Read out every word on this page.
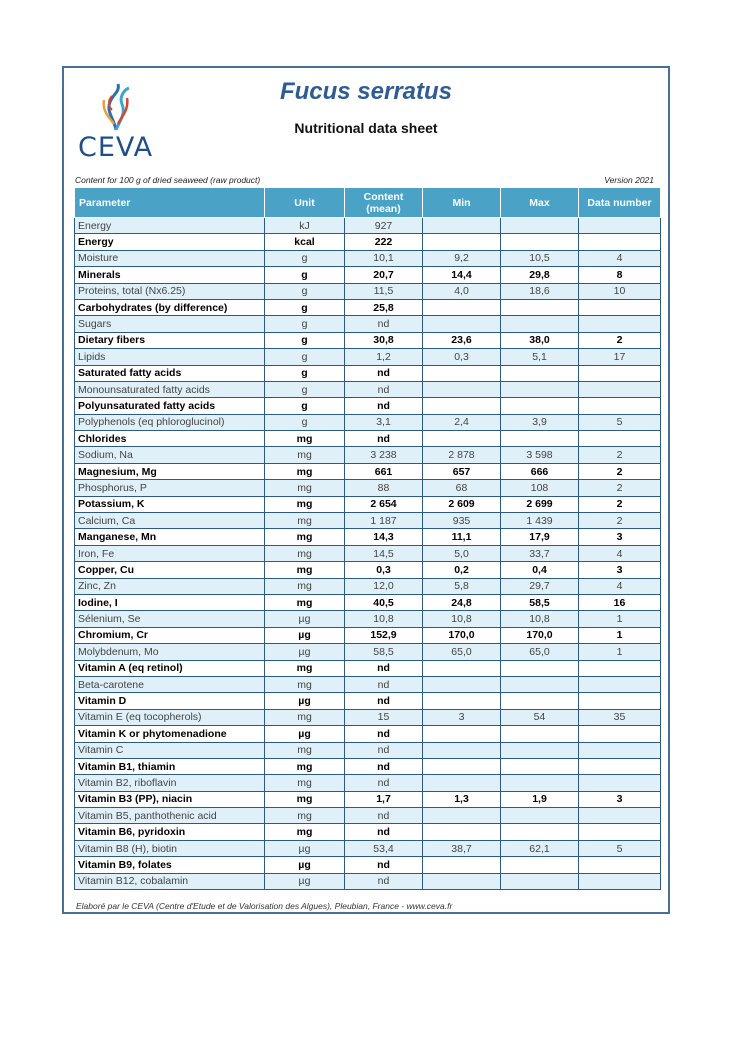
CEVA
Fucus serratus
Nutritional data sheet
Content for 100 g of dried seaweed (raw product)	Version 2021
Parameter	Unit	Content (mean)	Min	Max	Data number
Energy	kJ	927			
Energy	kcal	222			
Moisture	g	10,1	9,2	10,5	4
Minerals	g	20,7	14,4	29,8	8
Proteins, total (Nx6.25)	g	11,5	4,0	18,6	10
Carbohydrates (by difference)	g	25,8			
Sugars	g	nd			
Dietary fibers	g	30,8	23,6	38,0	2
Lipids	g	1,2	0,3	5,1	17
Saturated fatty acids	g	nd			
Monounsaturated fatty acids	g	nd			
Polyunsaturated fatty acids	g	nd			
Polyphenols (eq phloroglucinol)	g	3,1	2,4	3,9	5
Chlorides	mg	nd			
Sodium, Na	mg	3 238	2 878	3 598	2
Magnesium, Mg	mg	661	657	666	2
Phosphorus, P	mg	88	68	108	2
Potassium, K	mg	2 654	2 609	2 699	2
Calcium, Ca	mg	1 187	935	1 439	2
Manganese, Mn	mg	14,3	11,1	17,9	3
Iron, Fe	mg	14,5	5,0	33,7	4
Copper, Cu	mg	0,3	0,2	0,4	3
Zinc, Zn	mg	12,0	5,8	29,7	4
Iodine, I	mg	40,5	24,8	58,5	16
Sélenium, Se	µg	10,8	10,8	10,8	1
Chromium, Cr	µg	152,9	170,0	170,0	1
Molybdenum, Mo	µg	58,5	65,0	65,0	1
Vitamin A (eq retinol)	mg	nd			
Beta-carotene	mg	nd			
Vitamin D	µg	nd			
Vitamin E (eq tocopherols)	mg	15	3	54	35
Vitamin K or phytomenadione	µg	nd			
Vitamin C	mg	nd			
Vitamin B1, thiamin	mg	nd			
Vitamin B2, riboflavin	mg	nd			
Vitamin B3 (PP), niacin	mg	1,7	1,3	1,9	3
Vitamin B5, panthothenic acid	mg	nd			
Vitamin B6, pyridoxin	mg	nd			
Vitamin B8 (H), biotin	µg	53,4	38,7	62,1	5
Vitamin B9, folates	µg	nd			
Vitamin B12, cobalamin	µg	nd			
Elaboré par le CEVA (Centre d'Etude et de Valorisation des Algues), Pleubian, France - www.ceva.fr
